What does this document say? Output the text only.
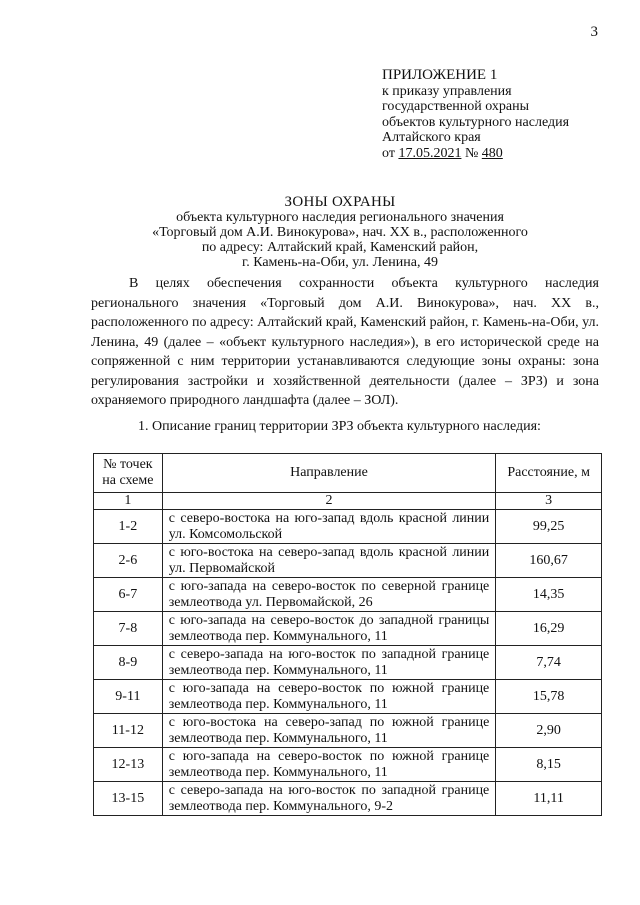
3
ПРИЛОЖЕНИЕ 1
к приказу управления
государственной охраны
объектов культурного наследия
Алтайского края
от 17.05.2021 № 480
ЗОНЫ ОХРАНЫ
объекта культурного наследия регионального значения
«Торговый дом А.И. Винокурова», нач. XX в., расположенного
по адресу: Алтайский край, Каменский район,
г. Камень-на-Оби, ул. Ленина, 49

В целях обеспечения сохранности объекта культурного наследия регионального значения «Торговый дом А.И. Винокурова», нач. XX в., расположенного по адресу: Алтайский край, Каменский район, г. Камень-на-Оби, ул. Ленина, 49 (далее – «объект культурного наследия»), в его исторической среде на сопряженной с ним территории устанавливаются следующие зоны охраны: зона регулирования застройки и хозяйственной деятельности (далее – ЗРЗ) и зона охраняемого природного ландшафта (далее – ЗОЛ).

1. Описание границ территории ЗРЗ объекта культурного наследия:
№ точек на схеме	Направление	Расстояние, м
1	2	3
1-2	с северо-востока на юго-запад вдоль красной линии ул. Комсомольской	99,25
2-6	с юго-востока на северо-запад вдоль красной линии ул. Первомайской	160,67
6-7	с юго-запада на северо-восток по северной границе землеотвода ул. Первомайской, 26	14,35
7-8	с юго-запада на северо-восток до западной границы землеотвода пер. Коммунального, 11	16,29
8-9	с северо-запада на юго-восток по западной границе землеотвода пер. Коммунального, 11	7,74
9-11	с юго-запада на северо-восток по южной границе землеотвода пер. Коммунального, 11	15,78
11-12	с юго-востока на северо-запад по южной границе землеотвода пер. Коммунального, 11	2,90
12-13	с юго-запада на северо-восток по южной границе землеотвода пер. Коммунального, 11	8,15
13-15	с северо-запада на юго-восток по западной границе землеотвода пер. Коммунального, 9-2	11,11
